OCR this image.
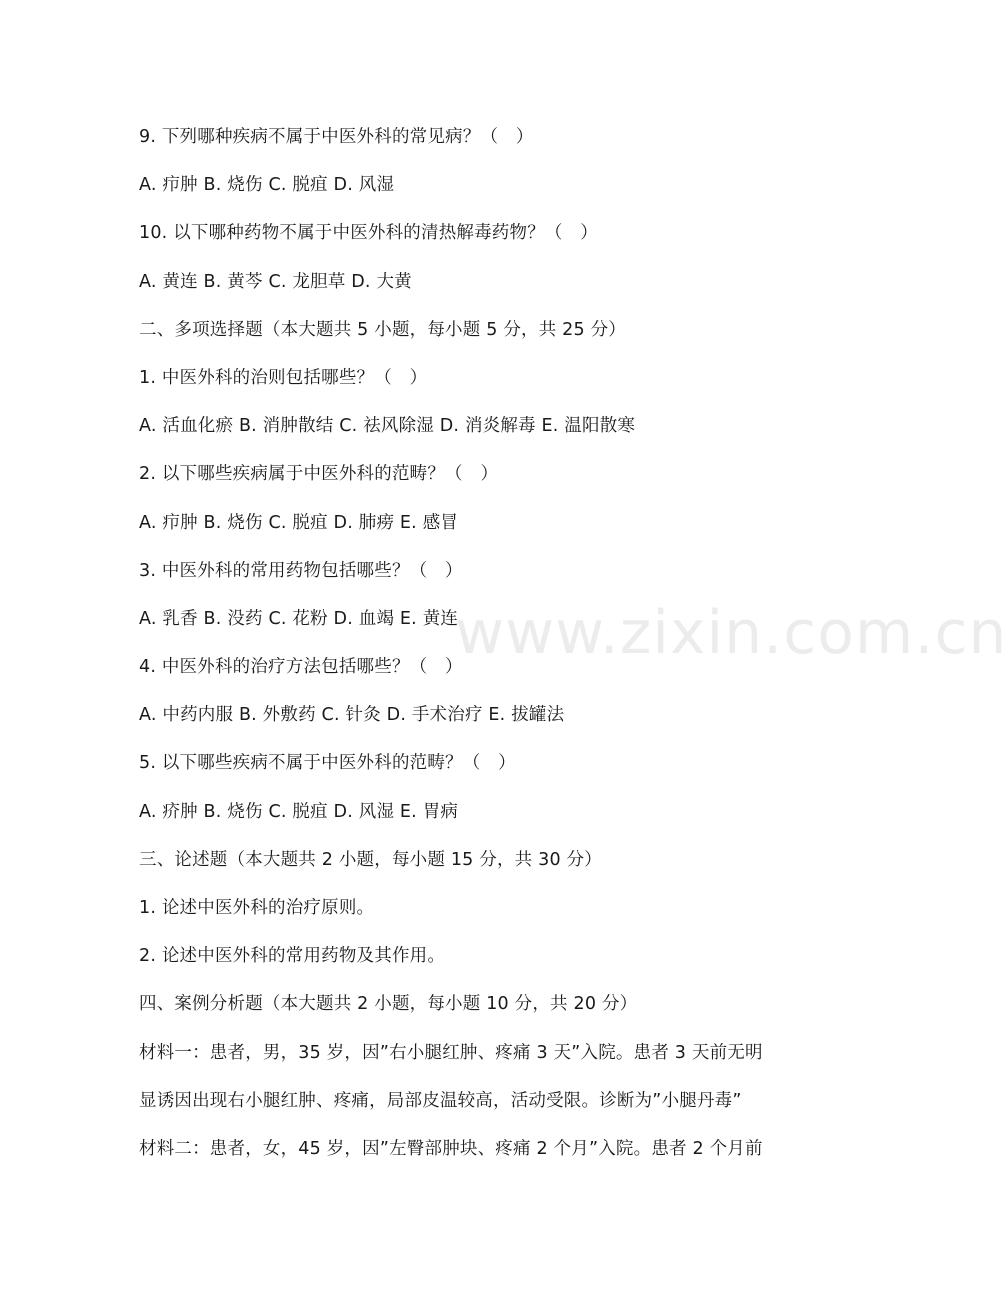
9. 下列哪种疾病不属于中医外科的常见病？（　）
A. 疖肿 B. 烧伤 C. 脱疽 D. 风湿
10. 以下哪种药物不属于中医外科的清热解毒药物？（　）
A. 黄连 B. 黄芩 C. 龙胆草 D. 大黄
二、多项选择题（本大题共 5 小题，每小题 5 分，共 25 分）
1. 中医外科的治则包括哪些？（　）
A. 活血化瘀 B. 消肿散结 C. 祛风除湿 D. 消炎解毒 E. 温阳散寒
2. 以下哪些疾病属于中医外科的范畴？（　）
A. 疖肿 B. 烧伤 C. 脱疽 D. 肺痨 E. 感冒
3. 中医外科的常用药物包括哪些？（　）
A. 乳香 B. 没药 C. 花粉 D. 血竭 E. 黄连
4. 中医外科的治疗方法包括哪些？（　）
A. 中药内服 B. 外敷药 C. 针灸 D. 手术治疗 E. 拔罐法
5. 以下哪些疾病不属于中医外科的范畴？（　）
A. 疥肿 B. 烧伤 C. 脱疽 D. 风湿 E. 胃病
三、论述题（本大题共 2 小题，每小题 15 分，共 30 分）
1. 论述中医外科的治疗原则。
2. 论述中医外科的常用药物及其作用。
四、案例分析题（本大题共 2 小题，每小题 10 分，共 20 分）
材料一：患者，男，35 岁，因”右小腿红肿、疼痛 3 天”入院。患者 3 天前无明
显诱因出现右小腿红肿、疼痛，局部皮温较高，活动受限。诊断为”小腿丹毒”
材料二：患者，女，45 岁，因”左臀部肿块、疼痛 2 个月”入院。患者 2 个月前
www.zixin.com.cn
